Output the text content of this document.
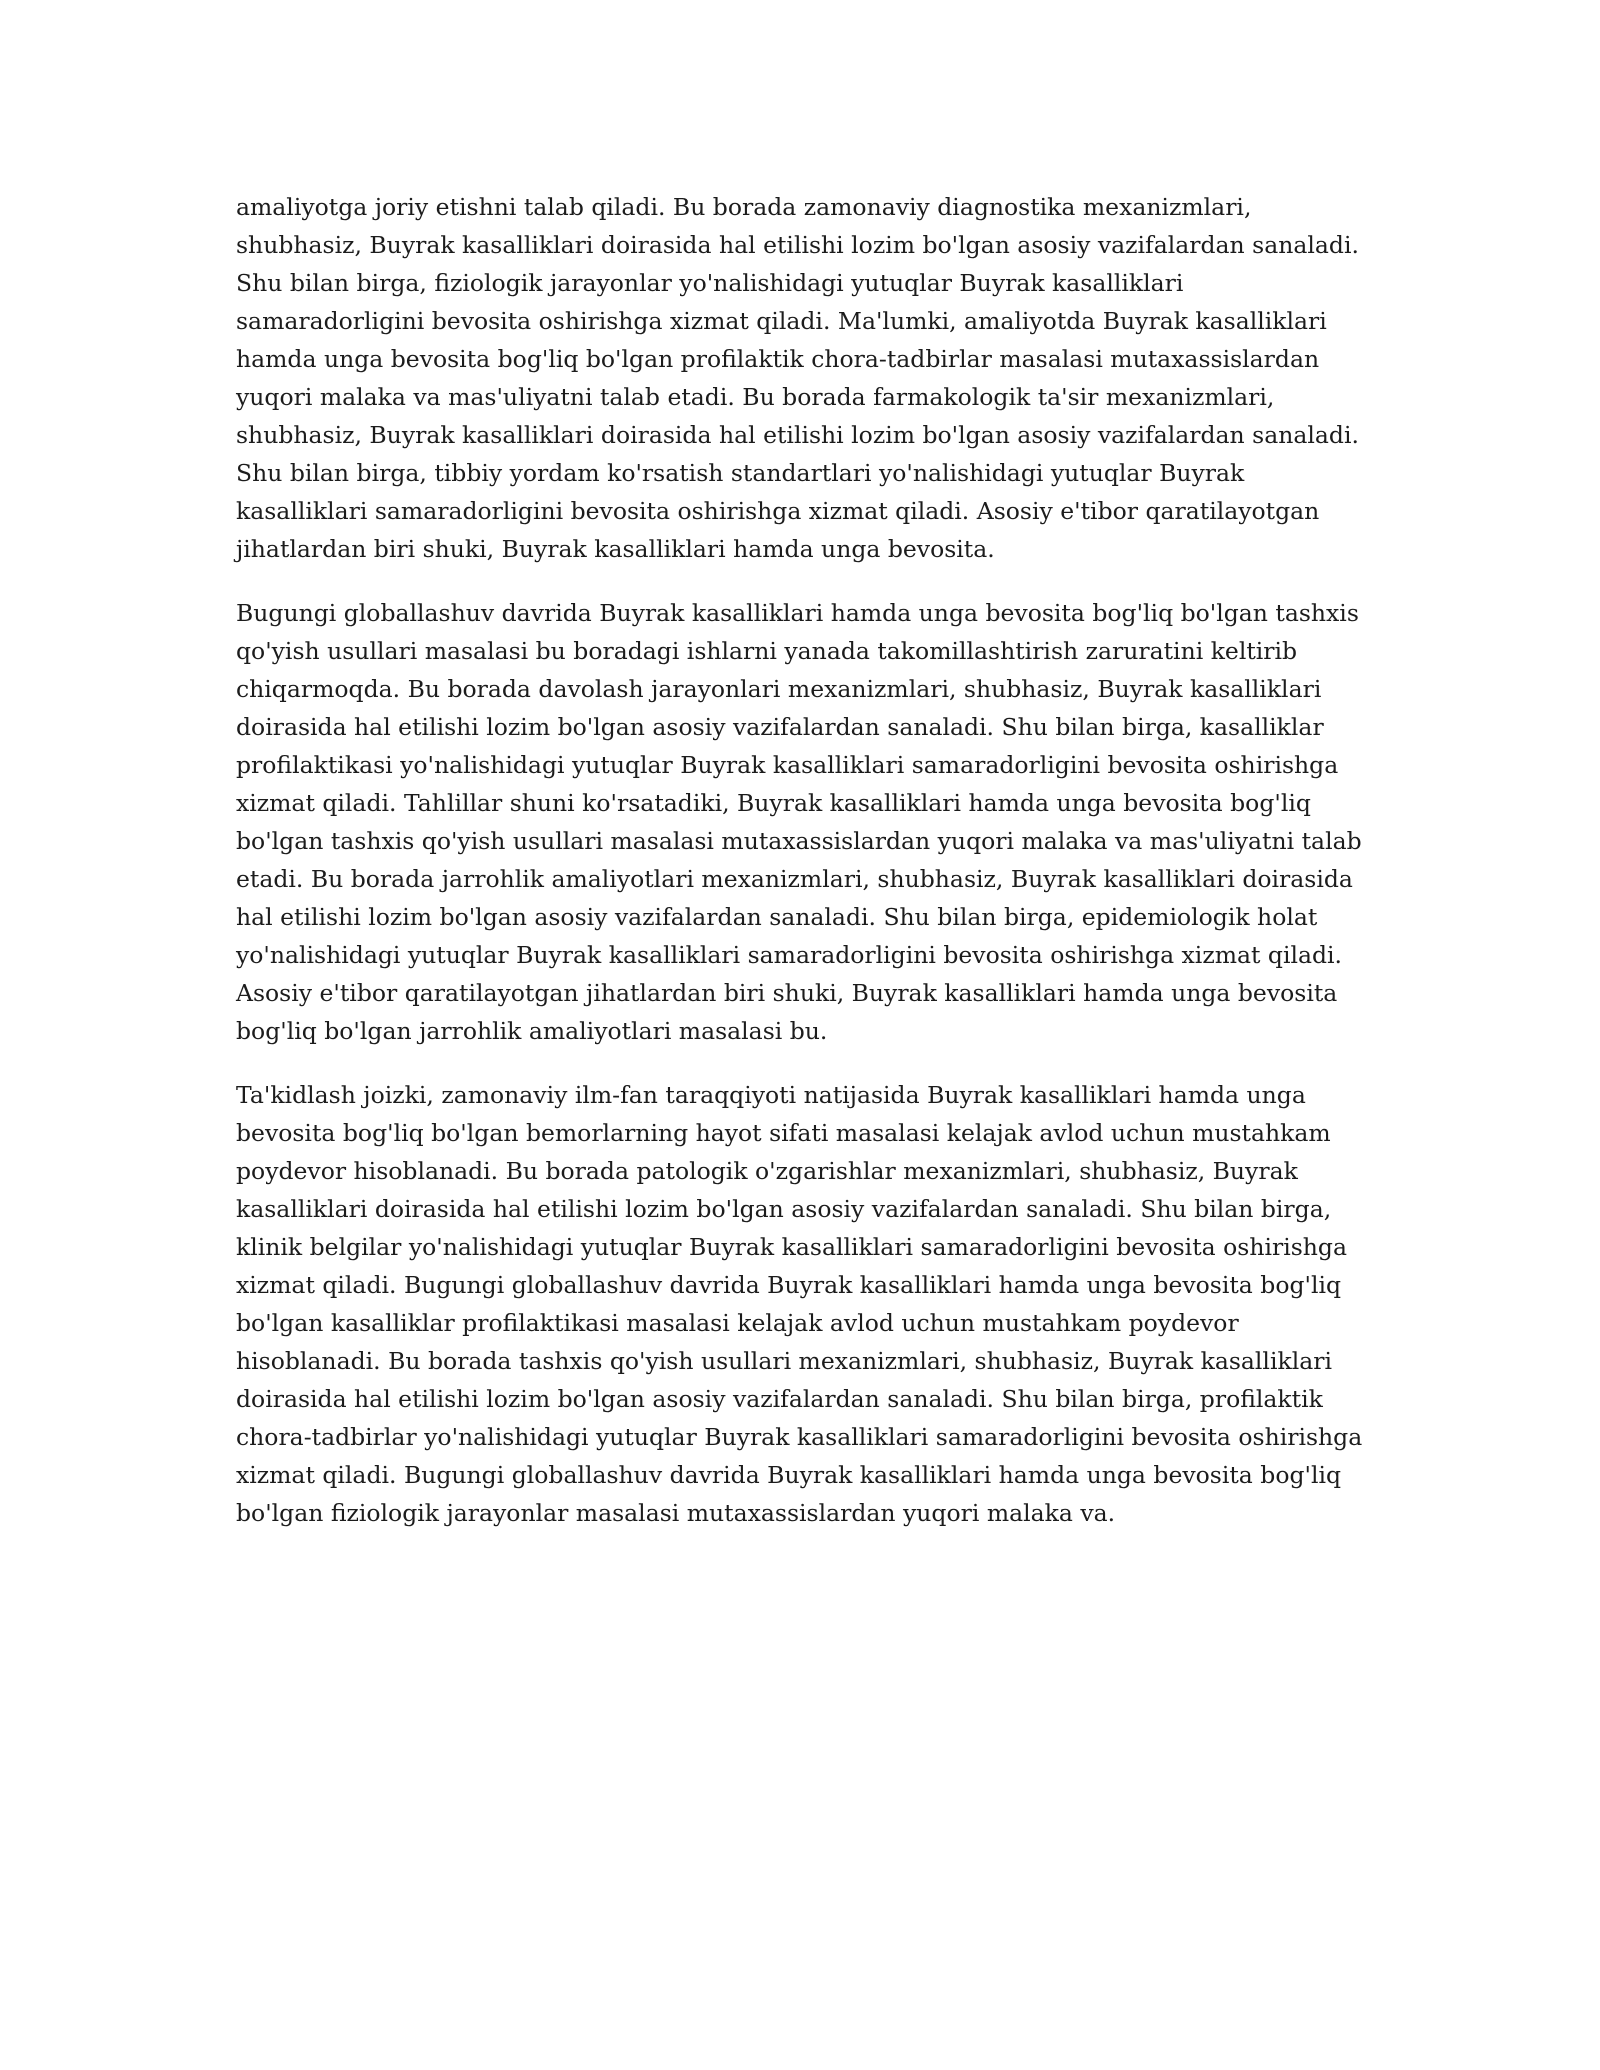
amaliyotga joriy etishni talab qiladi. Bu borada zamonaviy diagnostika mexanizmlari, shubhasiz, Buyrak kasalliklari doirasida hal etilishi lozim bo'lgan asosiy vazifalardan sanaladi. Shu bilan birga, fiziologik jarayonlar yo'nalishidagi yutuqlar Buyrak kasalliklari samaradorligini bevosita oshirishga xizmat qiladi. Ma'lumki, amaliyotda Buyrak kasalliklari hamda unga bevosita bog'liq bo'lgan profilaktik chora-tadbirlar masalasi mutaxassislardan yuqori malaka va mas'uliyatni talab etadi. Bu borada farmakologik ta'sir mexanizmlari, shubhasiz, Buyrak kasalliklari doirasida hal etilishi lozim bo'lgan asosiy vazifalardan sanaladi. Shu bilan birga, tibbiy yordam ko'rsatish standartlari yo'nalishidagi yutuqlar Buyrak kasalliklari samaradorligini bevosita oshirishga xizmat qiladi. Asosiy e'tibor qaratilayotgan jihatlardan biri shuki, Buyrak kasalliklari hamda unga bevosita.

Bugungi globallashuv davrida Buyrak kasalliklari hamda unga bevosita bog'liq bo'lgan tashxis qo'yish usullari masalasi bu boradagi ishlarni yanada takomillashtirish zaruratini keltirib chiqarmoqda. Bu borada davolash jarayonlari mexanizmlari, shubhasiz, Buyrak kasalliklari doirasida hal etilishi lozim bo'lgan asosiy vazifalardan sanaladi. Shu bilan birga, kasalliklar profilaktikasi yo'nalishidagi yutuqlar Buyrak kasalliklari samaradorligini bevosita oshirishga xizmat qiladi. Tahlillar shuni ko'rsatadiki, Buyrak kasalliklari hamda unga bevosita bog'liq bo'lgan tashxis qo'yish usullari masalasi mutaxassislardan yuqori malaka va mas'uliyatni talab etadi. Bu borada jarrohlik amaliyotlari mexanizmlari, shubhasiz, Buyrak kasalliklari doirasida hal etilishi lozim bo'lgan asosiy vazifalardan sanaladi. Shu bilan birga, epidemiologik holat yo'nalishidagi yutuqlar Buyrak kasalliklari samaradorligini bevosita oshirishga xizmat qiladi. Asosiy e'tibor qaratilayotgan jihatlardan biri shuki, Buyrak kasalliklari hamda unga bevosita bog'liq bo'lgan jarrohlik amaliyotlari masalasi bu.

Ta'kidlash joizki, zamonaviy ilm-fan taraqqiyoti natijasida Buyrak kasalliklari hamda unga bevosita bog'liq bo'lgan bemorlarning hayot sifati masalasi kelajak avlod uchun mustahkam poydevor hisoblanadi. Bu borada patologik o'zgarishlar mexanizmlari, shubhasiz, Buyrak kasalliklari doirasida hal etilishi lozim bo'lgan asosiy vazifalardan sanaladi. Shu bilan birga, klinik belgilar yo'nalishidagi yutuqlar Buyrak kasalliklari samaradorligini bevosita oshirishga xizmat qiladi. Bugungi globallashuv davrida Buyrak kasalliklari hamda unga bevosita bog'liq bo'lgan kasalliklar profilaktikasi masalasi kelajak avlod uchun mustahkam poydevor hisoblanadi. Bu borada tashxis qo'yish usullari mexanizmlari, shubhasiz, Buyrak kasalliklari doirasida hal etilishi lozim bo'lgan asosiy vazifalardan sanaladi. Shu bilan birga, profilaktik chora-tadbirlar yo'nalishidagi yutuqlar Buyrak kasalliklari samaradorligini bevosita oshirishga xizmat qiladi. Bugungi globallashuv davrida Buyrak kasalliklari hamda unga bevosita bog'liq bo'lgan fiziologik jarayonlar masalasi mutaxassislardan yuqori malaka va.
